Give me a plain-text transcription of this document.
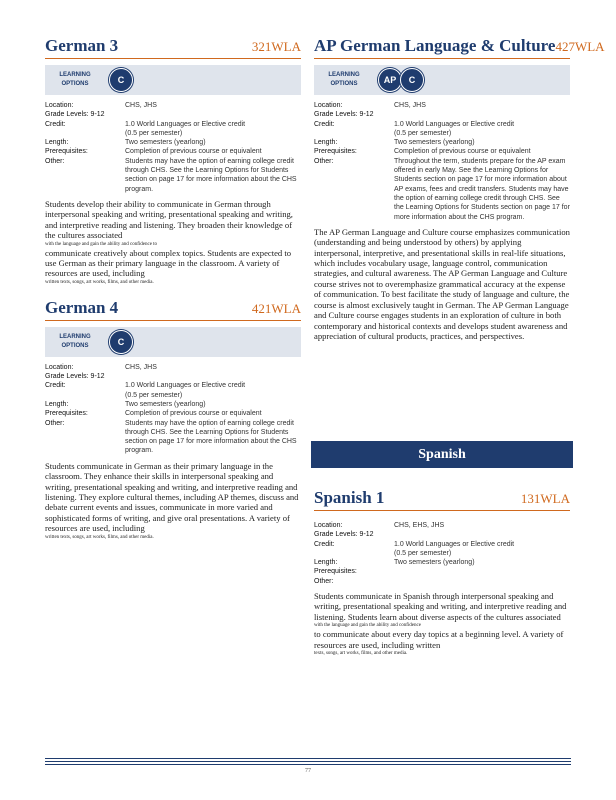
German 3	321WLA
LEARNING OPTIONS	C
Location:	CHS, JHS
Grade Levels: 9-12
Credit:	1.0 World Languages or Elective credit
(0.5 per semester)
Length:	Two semesters (yearlong)
Prerequisites:	Completion of previous course or equivalent
Other:	Students may have the option of earning college credit through CHS. See the Learning Options for Students section on page 17 for more information about the CHS program.
Students develop their ability to communicate in German through interpersonal speaking and writing, presentational speaking and writing, and interpretive reading and listening. They broaden their knowledge of the cultures associated
with the language and gain the ability and confidence to
communicate creatively about complex topics. Students are expected to use German as their primary language in the classroom. A variety of resources are used, including
written texts, songs, art works, films, and other media.
German 4	421WLA
LEARNING OPTIONS	C
Location:	CHS, JHS
Grade Levels: 9-12
Credit:	1.0 World Languages or Elective credit
(0.5 per semester)
Length:	Two semesters (yearlong)
Prerequisites:	Completion of previous course or equivalent
Other:	Students may have the option of earning college credit through CHS. See the Learning Options for Students section on page 17 for more information about the CHS program.
Students communicate in German as their primary language in the classroom. They enhance their skills in interpersonal speaking and writing, presentational speaking and writing, and interpretive reading and listening. They explore cultural themes, including AP themes, discuss and debate current events and issues, communicate in more varied and sophisticated forms of writing, and give oral presentations. A variety of resources are used, including
written texts, songs, art works, films, and other media.
AP German Language & Culture 427WLA
LEARNING OPTIONS	AP	C
Location:	CHS, JHS
Grade Levels: 9-12
Credit:	1.0 World Languages or Elective credit
(0.5 per semester)
Length:	Two semesters (yearlong)
Prerequisites:	Completion of previous course or equivalent
Other:	Throughout the term, students prepare for the AP exam offered in early May. See the Learning Options for Students section on page 17 for more information about AP exams, fees and credit transfers. Students may have the option of earning college credit through CHS. See the Learning Options for Students section on page 17 for more information about the CHS program.
The AP German Language and Culture course emphasizes communication (understanding and being understood by others) by applying interpersonal, interpretive, and presentational skills in real-life situations, which includes vocabulary usage, language control, communication strategies, and cultural awareness. The AP German Language and Culture course strives not to overemphasize grammatical accuracy at the expense of communication. To best facilitate the study of language and culture, the course is almost exclusively taught in German. The AP German Language and Culture course engages students in an exploration of culture in both contemporary and historical contexts and develops student awareness and appreciation of cultural products, practices, and perspectives.
Spanish
Spanish 1	131WLA
Location:	CHS, EHS, JHS
Grade Levels: 9-12
Credit:	1.0 World Languages or Elective credit
(0.5 per semester)
Length:	Two semesters (yearlong)
Prerequisites:
Other:
Students communicate in Spanish through interpersonal speaking and writing, presentational speaking and writing, and interpretive reading and listening. Students learn about diverse aspects of the cultures associated
with the language and gain the ability and confidence
to communicate about every day topics at a beginning level. A variety of resources are used, including written
texts, songs, art works, films, and other media.
77
